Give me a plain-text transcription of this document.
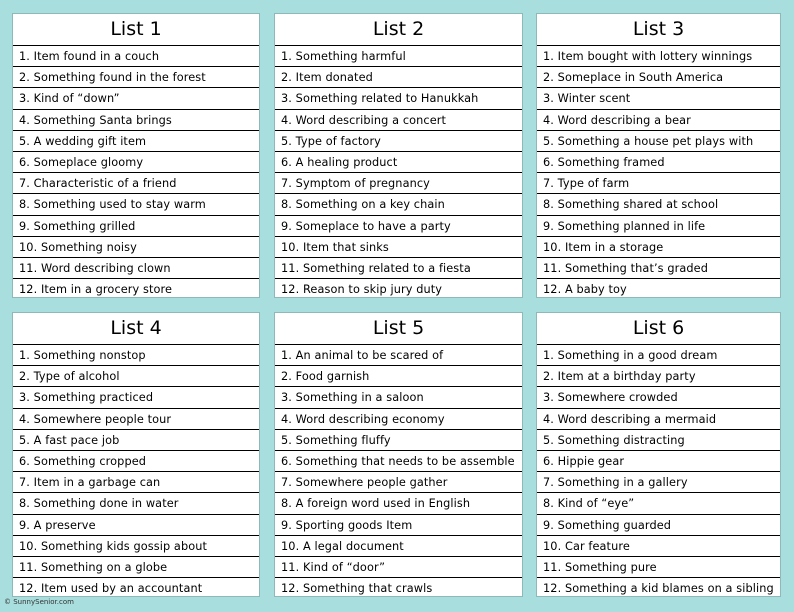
List 1
1. Item found in a couch
2. Something found in the forest
3. Kind of “down”
4. Something Santa brings
5. A wedding gift item
6. Someplace gloomy
7. Characteristic of a friend
8. Something used to stay warm
9. Something grilled
10. Something noisy
11. Word describing clown
12. Item in a grocery store
List 2
1. Something harmful
2. Item donated
3. Something related to Hanukkah
4. Word describing a concert
5. Type of factory
6. A healing product
7. Symptom of pregnancy
8. Something on a key chain
9. Someplace to have a party
10. Item that sinks
11. Something related to a fiesta
12. Reason to skip jury duty
List 3
1. Item bought with lottery winnings
2. Someplace in South America
3. Winter scent
4. Word describing a bear
5. Something a house pet plays with
6. Something framed
7. Type of farm
8. Something shared at school
9. Something planned in life
10. Item in a storage
11. Something that’s graded
12. A baby toy
List 4
1. Something nonstop
2. Type of alcohol
3. Something practiced
4. Somewhere people tour
5. A fast pace job
6. Something cropped
7. Item in a garbage can
8. Something done in water
9. A preserve
10. Something kids gossip about
11. Something on a globe
12. Item used by an accountant
List 5
1. An animal to be scared of
2. Food garnish
3. Something in a saloon
4. Word describing economy
5. Something fluffy
6. Something that needs to be assemble
7. Somewhere people gather
8. A foreign word used in English
9. Sporting goods Item
10. A legal document
11. Kind of “door”
12. Something that crawls
List 6
1. Something in a good dream
2. Item at a birthday party
3. Somewhere crowded
4. Word describing a mermaid
5. Something distracting
6. Hippie gear
7. Something in a gallery
8. Kind of “eye”
9. Something guarded
10. Car feature
11. Something pure
12. Something a kid blames on a sibling
© SunnySenior.com
